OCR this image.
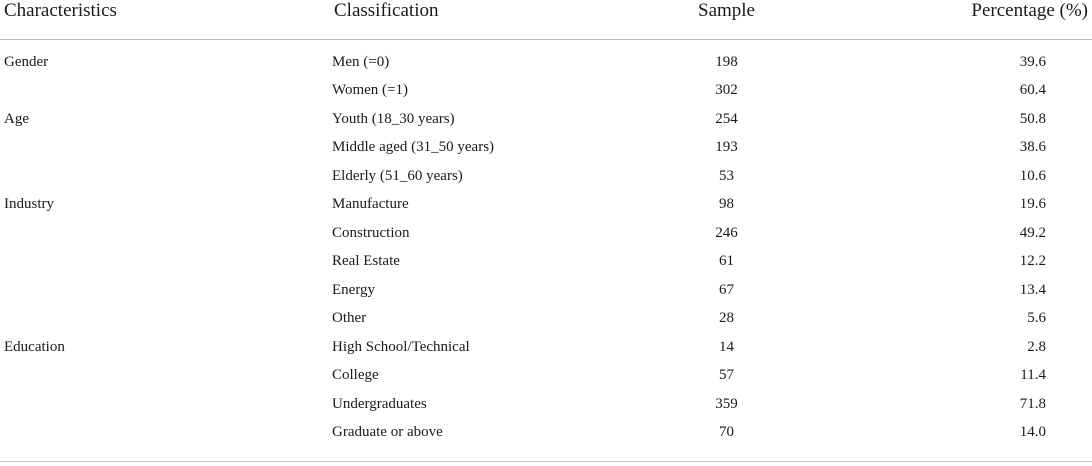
Characteristics	Classification	Sample	Percentage (%)
Gender	Men (=0)	198	39.6
	Women (=1)	302	60.4
Age	Youth (18_30 years)	254	50.8
	Middle aged (31_50 years)	193	38.6
	Elderly (51_60 years)	53	10.6
Industry	Manufacture	98	19.6
	Construction	246	49.2
	Real Estate	61	12.2
	Energy	67	13.4
	Other	28	5.6
Education	High School/Technical	14	2.8
	College	57	11.4
	Undergraduates	359	71.8
	Graduate or above	70	14.0
